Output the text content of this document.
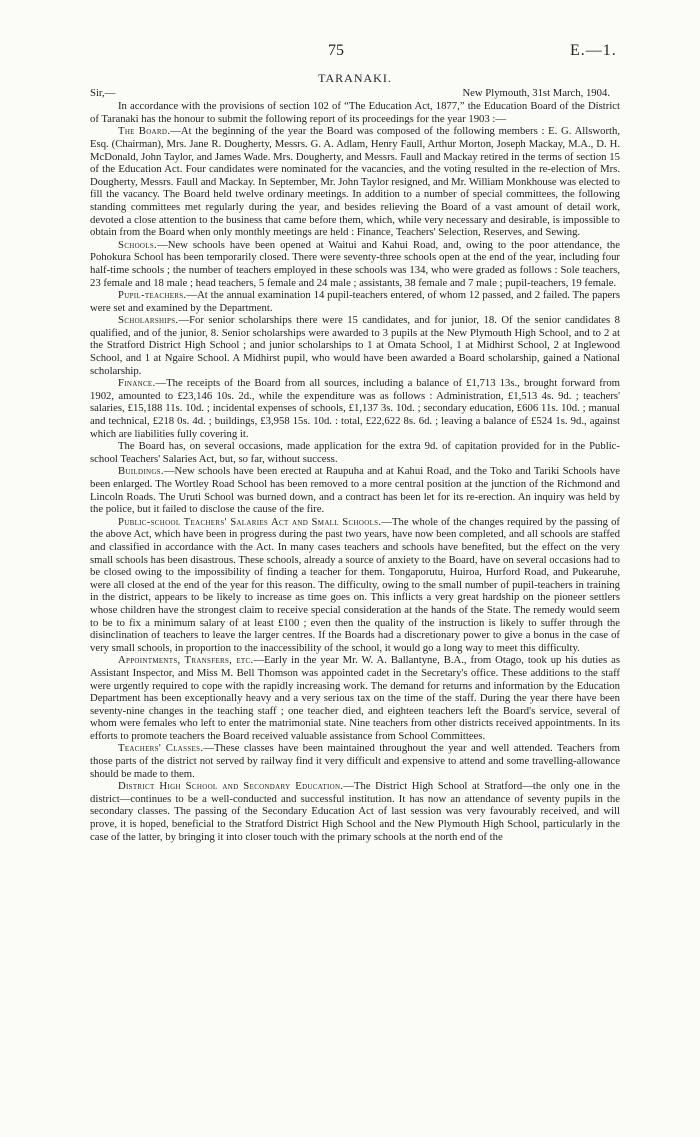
75	E.—1.
TARANAKI.
Sir,—	New Plymouth, 31st March, 1904.

In accordance with the provisions of section 102 of “The Education Act, 1877,” the Education Board of the District of Taranaki has the honour to submit the following report of its proceedings for the year 1903 :—

The Board.—At the beginning of the year the Board was composed of the following members : E. G. Allsworth, Esq. (Chairman), Mrs. Jane R. Dougherty, Messrs. G. A. Adlam, Henry Faull, Arthur Morton, Joseph Mackay, M.A., D. H. McDonald, John Taylor, and James Wade. Mrs. Dougherty, and Messrs. Faull and Mackay retired in the terms of section 15 of the Education Act. Four candidates were nominated for the vacancies, and the voting resulted in the re-election of Mrs. Dougherty, Messrs. Faull and Mackay. In September, Mr. John Taylor resigned, and Mr. William Monkhouse was elected to fill the vacancy. The Board held twelve ordinary meetings. In addition to a number of special committees, the following standing committees met regularly during the year, and besides relieving the Board of a vast amount of detail work, devoted a close attention to the business that came before them, which, while very necessary and desirable, is impossible to obtain from the Board when only monthly meetings are held : Finance, Teachers' Selection, Reserves, and Sewing.

Schools.—New schools have been opened at Waitui and Kahui Road, and, owing to the poor attendance, the Pohokura School has been temporarily closed. There were seventy-three schools open at the end of the year, including four half-time schools ; the number of teachers employed in these schools was 134, who were graded as follows : Sole teachers, 23 female and 18 male ; head teachers, 5 female and 24 male ; assistants, 38 female and 7 male ; pupil-teachers, 19 female.

Pupil-teachers.—At the annual examination 14 pupil-teachers entered, of whom 12 passed, and 2 failed. The papers were set and examined by the Department.

Scholarships.—For senior scholarships there were 15 candidates, and for junior, 18. Of the senior candidates 8 qualified, and of the junior, 8. Senior scholarships were awarded to 3 pupils at the New Plymouth High School, and to 2 at the Stratford District High School ; and junior scholarships to 1 at Omata School, 1 at Midhirst School, 2 at Inglewood School, and 1 at Ngaire School. A Midhirst pupil, who would have been awarded a Board scholarship, gained a National scholarship.

Finance.—The receipts of the Board from all sources, including a balance of £1,713 13s., brought forward from 1902, amounted to £23,146 10s. 2d., while the expenditure was as follows : Administration, £1,513 4s. 9d. ; teachers' salaries, £15,188 11s. 10d. ; incidental expenses of schools, £1,137 3s. 10d. ; secondary education, £606 11s. 10d. ; manual and technical, £218 0s. 4d. ; buildings, £3,958 15s. 10d. : total, £22,622 8s. 6d. ; leaving a balance of £524 1s. 9d., against which are liabilities fully covering it.

The Board has, on several occasions, made application for the extra 9d. of capitation provided for in the Public-school Teachers' Salaries Act, but, so far, without success.

Buildings.—New schools have been erected at Raupuha and at Kahui Road, and the Toko and Tariki Schools have been enlarged. The Wortley Road School has been removed to a more central position at the junction of the Richmond and Lincoln Roads. The Uruti School was burned down, and a contract has been let for its re-erection. An inquiry was held by the police, but it failed to disclose the cause of the fire.

Public-school Teachers' Salaries Act and Small Schools.—The whole of the changes required by the passing of the above Act, which have been in progress during the past two years, have now been completed, and all schools are staffed and classified in accordance with the Act. In many cases teachers and schools have benefited, but the effect on the very small schools has been disastrous. These schools, already a source of anxiety to the Board, have on several occasions had to be closed owing to the impossibility of finding a teacher for them. Tongaporutu, Huiroa, Hurford Road, and Pukearuhe, were all closed at the end of the year for this reason. The difficulty, owing to the small number of pupil-teachers in training in the district, appears to be likely to increase as time goes on. This inflicts a very great hardship on the pioneer settlers whose children have the strongest claim to receive special consideration at the hands of the State. The remedy would seem to be to fix a minimum salary of at least £100 ; even then the quality of the instruction is likely to suffer through the disinclination of teachers to leave the larger centres. If the Boards had a discretionary power to give a bonus in the case of very small schools, in proportion to the inaccessibility of the school, it would go a long way to meet this difficulty.

Appointments, Transfers, etc.—Early in the year Mr. W. A. Ballantyne, B.A., from Otago, took up his duties as Assistant Inspector, and Miss M. Bell Thomson was appointed cadet in the Secretary's office. These additions to the staff were urgently required to cope with the rapidly increasing work. The demand for returns and information by the Education Department has been exceptionally heavy and a very serious tax on the time of the staff. During the year there have been seventy-nine changes in the teaching staff ; one teacher died, and eighteen teachers left the Board's service, several of whom were females who left to enter the matrimonial state. Nine teachers from other districts received appointments. In its efforts to promote teachers the Board received valuable assistance from School Committees.

Teachers' Classes.—These classes have been maintained throughout the year and well attended. Teachers from those parts of the district not served by railway find it very difficult and expensive to attend and some travelling-allowance should be made to them.

District High School and Secondary Education.—The District High School at Stratford—the only one in the district—continues to be a well-conducted and successful institution. It has now an attendance of seventy pupils in the secondary classes. The passing of the Secondary Education Act of last session was very favourably received, and will prove, it is hoped, beneficial to the Stratford District High School and the New Plymouth High School, particularly in the case of the latter, by bringing it into closer touch with the primary schools at the north end of the
